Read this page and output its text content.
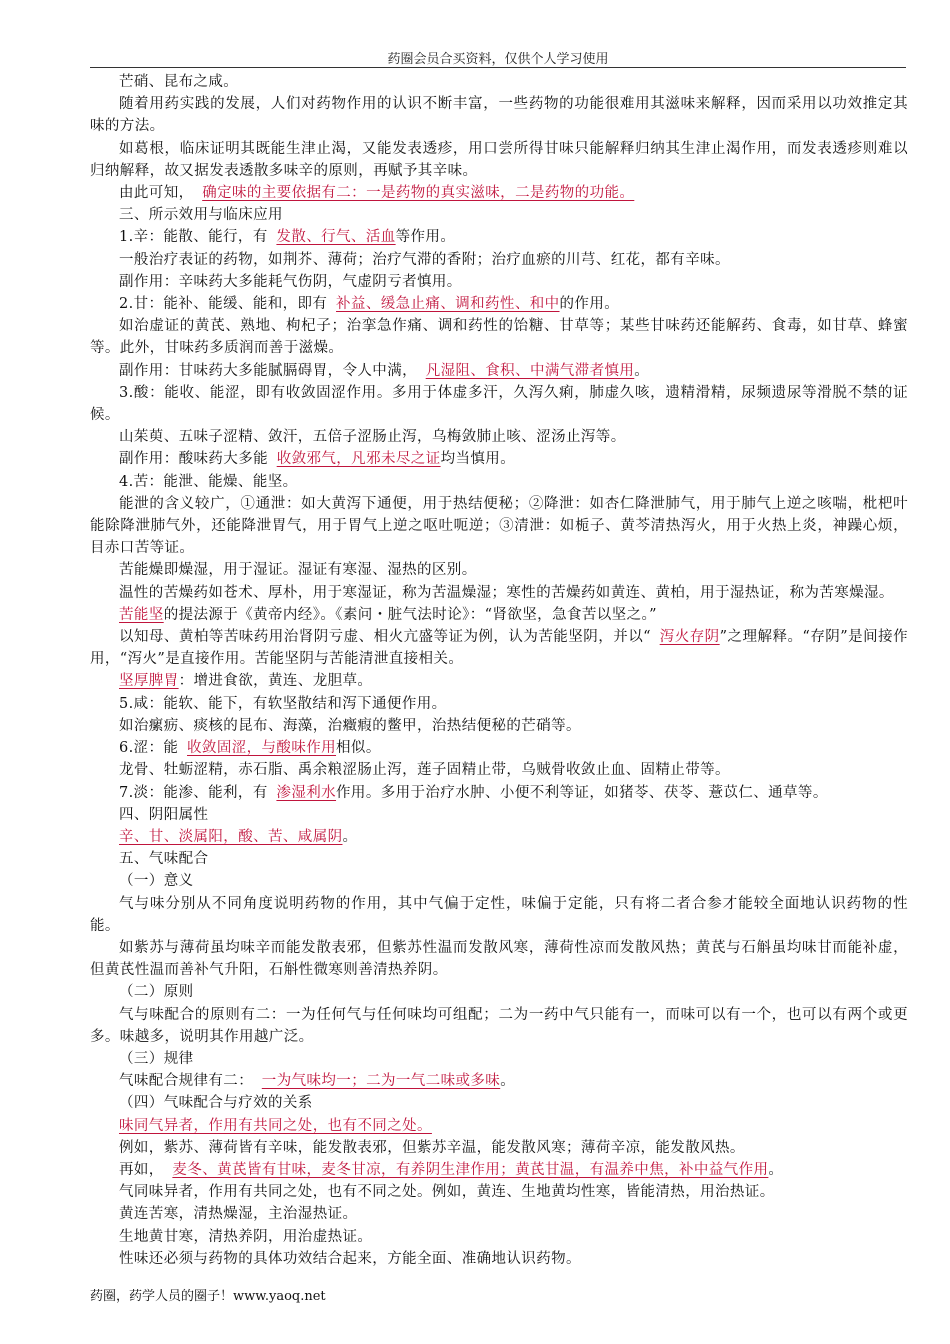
药圈会员合买资料，仅供个人学习使用

芒硝、昆布之咸。

随着用药实践的发展，人们对药物作用的认识不断丰富，一些药物的功能很难用其滋味来解释，因而采用以功效推定其味的方法。

如葛根，临床证明其既能生津止渴，又能发表透疹，用口尝所得甘味只能解释归纳其生津止渴作用，而发表透疹则难以归纳解释，故又据发表透散多味辛的原则，再赋予其辛味。

由此可知， 确定味的主要依据有二：一是药物的真实滋味，二是药物的功能。

三、所示效用与临床应用

1.辛：能散、能行，有 发散、行气、活血等作用。

一般治疗表证的药物，如荆芥、薄荷；治疗气滞的香附；治疗血瘀的川芎、红花，都有辛味。

副作用：辛味药大多能耗气伤阴，气虚阴亏者慎用。

2.甘：能补、能缓、能和，即有 补益、缓急止痛、调和药性、和中的作用。

如治虚证的黄芪、熟地、枸杞子；治挛急作痛、调和药性的饴糖、甘草等；某些甘味药还能解药、食毒，如甘草、蜂蜜等。此外，甘味药多质润而善于滋燥。

副作用：甘味药大多能腻膈碍胃，令人中满， 凡湿阻、食积、中满气滞者慎用。

3.酸：能收、能涩，即有收敛固涩作用。多用于体虚多汗，久泻久痢，肺虚久咳，遗精滑精，尿频遗尿等滑脱不禁的证候。

山茱萸、五味子涩精、敛汗，五倍子涩肠止泻，乌梅敛肺止咳、涩汤止泻等。

副作用：酸味药大多能 收敛邪气，凡邪未尽之证均当慎用。

4.苦：能泄、能燥、能坚。

能泄的含义较广，①通泄：如大黄泻下通便，用于热结便秘；②降泄：如杏仁降泄肺气，用于肺气上逆之咳喘，枇杷叶能除降泄肺气外，还能降泄胃气，用于胃气上逆之呕吐呃逆；③清泄：如栀子、黄芩清热泻火，用于火热上炎，神躁心烦，目赤口苦等证。

苦能燥即燥湿，用于湿证。湿证有寒湿、湿热的区别。

温性的苦燥药如苍术、厚朴，用于寒湿证，称为苦温燥湿；寒性的苦燥药如黄连、黄柏，用于湿热证，称为苦寒燥湿。

苦能坚的提法源于《黄帝内经》。《素问・脏气法时论》：“肾欲坚，急食苦以坚之。”

以知母、黄柏等苦味药用治肾阴亏虚、相火亢盛等证为例，认为苦能坚阴，并以“ 泻火存阴”之理解释。“存阴”是间接作用，“泻火”是直接作用。苦能坚阴与苦能清泄直接相关。

坚厚脾胃：增进食欲，黄连、龙胆草。

5.咸：能软、能下，有软坚散结和泻下通便作用。

如治瘰疬、痰核的昆布、海藻，治癥瘕的鳖甲，治热结便秘的芒硝等。

6.涩：能 收敛固涩，与酸味作用相似。

龙骨、牡蛎涩精，赤石脂、禹余粮涩肠止泻，莲子固精止带，乌贼骨收敛止血、固精止带等。

7.淡：能渗、能利，有 渗湿利水作用。多用于治疗水肿、小便不利等证，如猪苓、茯苓、薏苡仁、通草等。

四、阴阳属性

辛、甘、淡属阳，酸、苦、咸属阴。

五、气味配合

（一）意义

气与味分别从不同角度说明药物的作用，其中气偏于定性，味偏于定能，只有将二者合参才能较全面地认识药物的性能。

如紫苏与薄荷虽均味辛而能发散表邪，但紫苏性温而发散风寒，薄荷性凉而发散风热；黄芪与石斛虽均味甘而能补虚，但黄芪性温而善补气升阳，石斛性微寒则善清热养阴。

（二）原则

气与味配合的原则有二：一为任何气与任何味均可组配；二为一药中气只能有一，而味可以有一个，也可以有两个或更多。味越多，说明其作用越广泛。

（三）规律

气味配合规律有二： 一为气味均一；二为一气二味或多味。

（四）气味配合与疗效的关系

味同气异者，作用有共同之处，也有不同之处。

例如，紫苏、薄荷皆有辛味，能发散表邪，但紫苏辛温，能发散风寒；薄荷辛凉，能发散风热。

再如， 麦冬、黄芪皆有甘味，麦冬甘凉，有养阴生津作用；黄芪甘温，有温养中焦，补中益气作用。

气同味异者，作用有共同之处，也有不同之处。例如，黄连、生地黄均性寒，皆能清热，用治热证。

黄连苦寒，清热燥湿，主治湿热证。

生地黄甘寒，清热养阴，用治虚热证。

性味还必须与药物的具体功效结合起来，方能全面、准确地认识药物。

药圈，药学人员的圈子！www.yaoq.net
